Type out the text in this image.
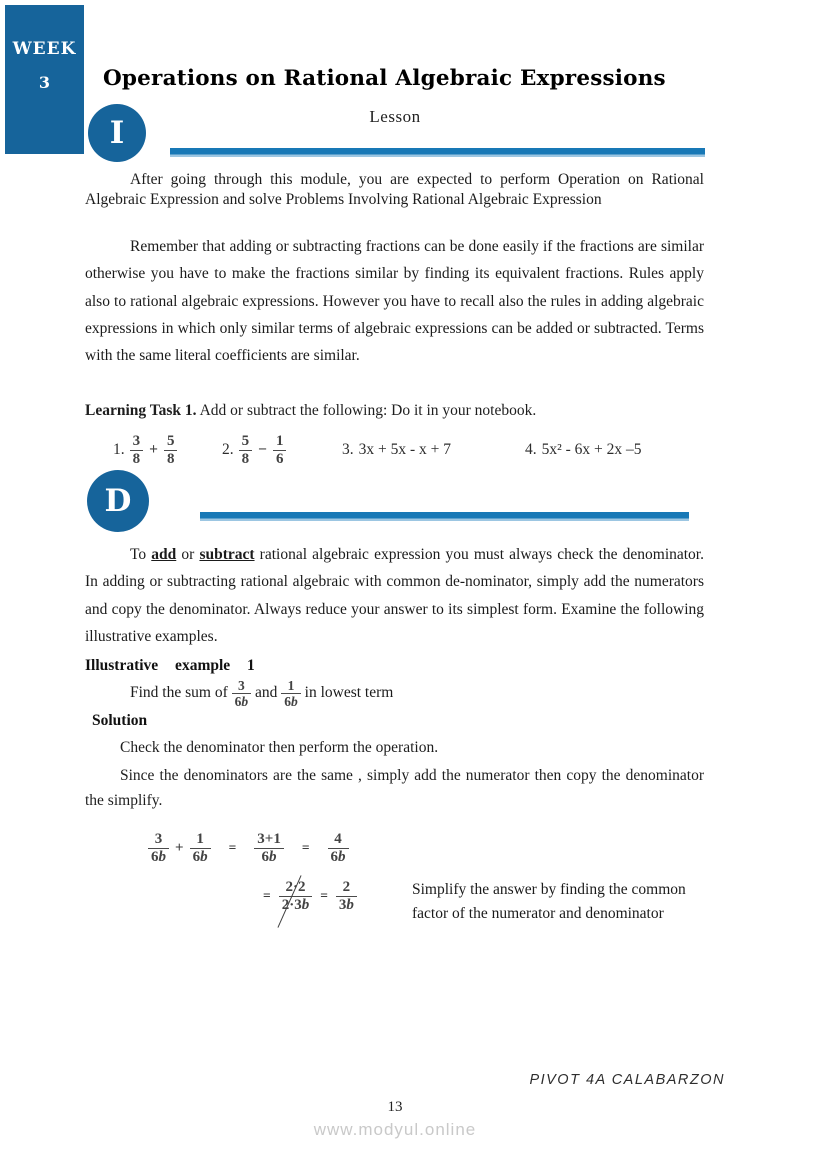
WEEK
3	Operations on Rational Algebraic Expressions
Lesson
I

After going through this module, you are expected to perform Operation on Rational Algebraic Expression and solve Problems Involving Rational Algebraic Expression

Remember that adding or subtracting fractions can be done easily if the fractions are similar otherwise you have to make the fractions similar by finding its equivalent fractions. Rules apply also to rational algebraic expressions. However you have to recall also the rules in adding algebraic expressions in which only similar terms of algebraic expressions can be added or subtracted. Terms with the same literal coefficients are similar.

Learning Task 1. Add or subtract the following: Do it in your notebook.
1. $\frac{3}{8} + \frac{5}{8}$	2. $\frac{5}{8} - \frac{1}{6}$	3. 3x + 5x - x + 7	4. 5x² - 6x + 2x –5
D

To add or subtract rational algebraic expression you must always check the denominator. In adding or subtracting rational algebraic with common de-nominator, simply add the numerators and copy the denominator. Always reduce your answer to its simplest form. Examine the following illustrative examples.

Illustrative example 1
Find the sum of $\frac{3}{6b}$ and $\frac{1}{6b}$ in lowest term
Solution

Check the denominator then perform the operation.

Since the denominators are the same , simply add the numerator then copy the denominator the simplify.

$\frac{3}{6b} + \frac{1}{6b} = \frac{3+1}{6b} = \frac{4}{6b}$
= $\frac{2\cdot 2}{2\cdot 3b} = \frac{2}{3b}$	Simplify the answer by finding the common factor of the numerator and denominator
PIVOT 4A CALABARZON
13
www.modyul.online
